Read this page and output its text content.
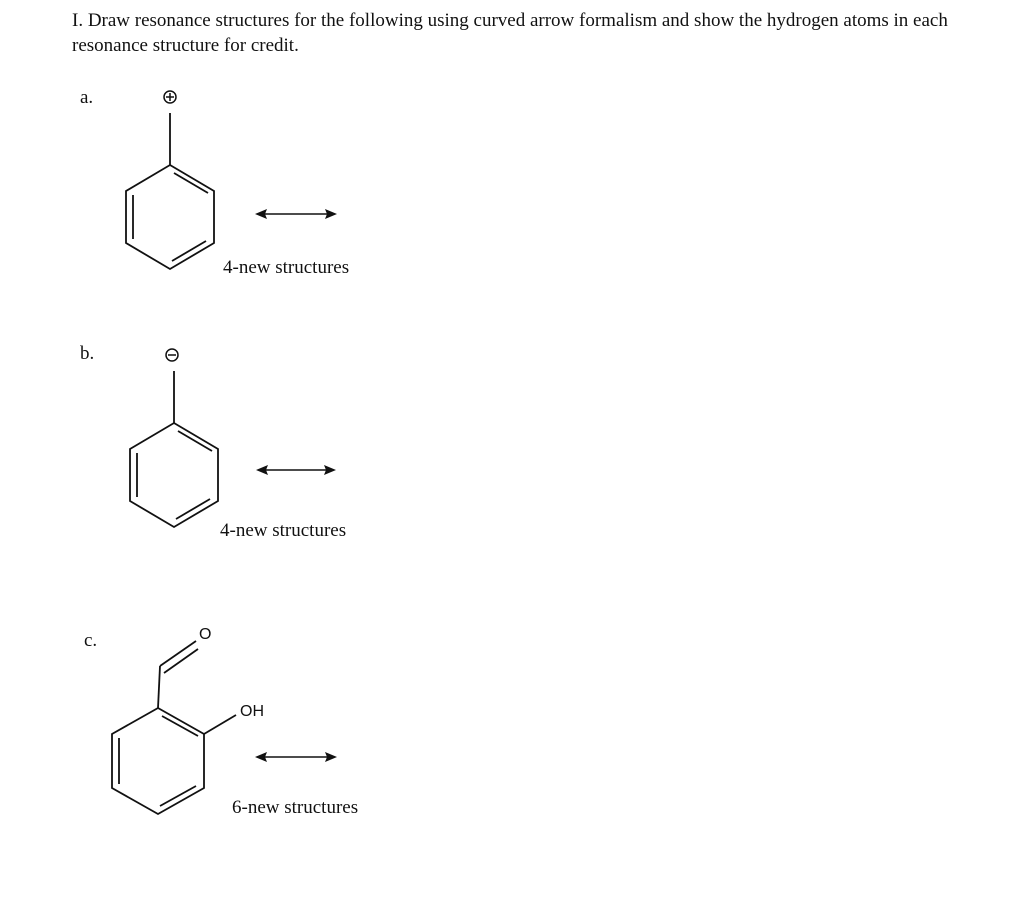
I. Draw resonance structures for the following using curved arrow formalism and show the hydrogen atoms in each resonance structure for credit.

a.
4-new structures
b.
4-new structures
c.	O
OH
6-new structures
